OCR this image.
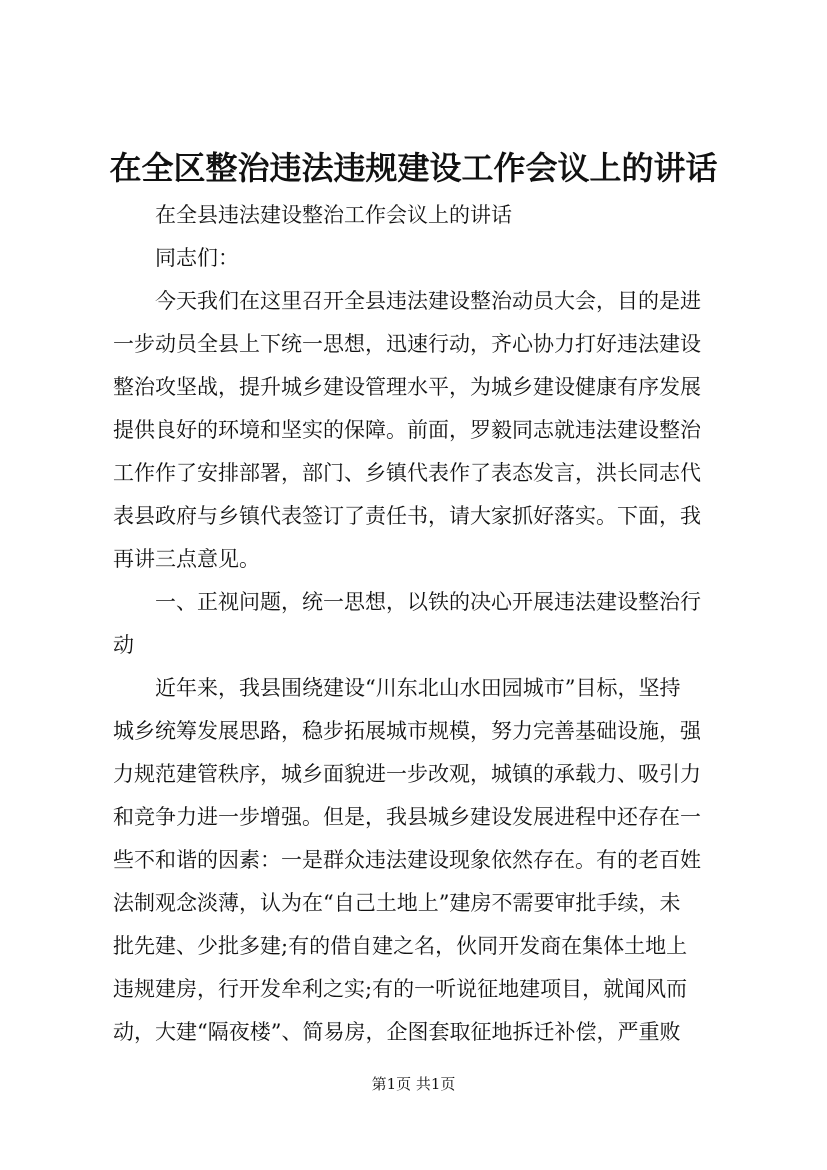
在全区整治违法违规建设工作会议上的讲话
在全县违法建设整治工作会议上的讲话
同志们：
今天我们在这里召开全县违法建设整治动员大会，目的是进
一步动员全县上下统一思想，迅速行动，齐心协力打好违法建设
整治攻坚战，提升城乡建设管理水平，为城乡建设健康有序发展
提供良好的环境和坚实的保障。前面，罗毅同志就违法建设整治
工作作了安排部署，部门、乡镇代表作了表态发言，洪长同志代
表县政府与乡镇代表签订了责任书，请大家抓好落实。下面，我
再讲三点意见。
一、正视问题，统一思想，以铁的决心开展违法建设整治行
动
近年来，我县围绕建设“川东北山水田园城市”目标，坚持
城乡统筹发展思路，稳步拓展城市规模，努力完善基础设施，强
力规范建管秩序，城乡面貌进一步改观，城镇的承载力、吸引力
和竞争力进一步增强。但是，我县城乡建设发展进程中还存在一
些不和谐的因素：一是群众违法建设现象依然存在。有的老百姓
法制观念淡薄，认为在“自己土地上”建房不需要审批手续，未
批先建、少批多建;有的借自建之名，伙同开发商在集体土地上
违规建房，行开发牟利之实;有的一听说征地建项目，就闻风而
动，大建“隔夜楼”、简易房，企图套取征地拆迁补偿，严重败
第1页 共1页
